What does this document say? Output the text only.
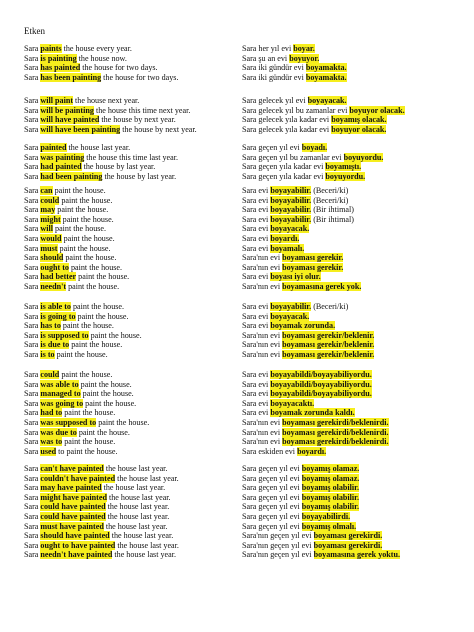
Etken
Sara paints the house every year.	Sara her yıl evi boyar.
Sara is painting the house now.	Sara şu an evi boyuyor.
Sara has painted the house for two days.	Sara iki gündür evi boyamakta.
Sara has been painting the house for two days.	Sara iki gündür evi boyamakta.
Sara will paint the house next year.	Sara gelecek yıl evi boyayacak.
Sara will be painting the house this time next year.	Sara gelecek yıl bu zamanlar evi boyuyor olacak.
Sara will have painted the house by next year.	Sara gelecek yıla kadar evi boyamış olacak.
Sara will have been painting the house by next year.	Sara gelecek yıla kadar evi boyuyor olacak.
Sara painted the house last year.	Sara geçen yıl evi boyadı.
Sara was painting the house this time last year.	Sara geçen yıl bu zamanlar evi boyuyordu.
Sara had painted the house by last year.	Sara geçen yıla kadar evi boyamıştı.
Sara had been painting the house by last year.	Sara geçen yıla kadar evi boyuyordu.
Sara can paint the house.	Sara evi boyayabilir. (Beceri/ki)
Sara could paint the house.	Sara evi boyayabilir. (Beceri/ki)
Sara may paint the house.	Sara evi boyayabilir. (Bir ihtimal)
Sara might paint the house.	Sara evi boyayabilir. (Bir ihtimal)
Sara will paint the house.	Sara evi boyayacak.
Sara would paint the house.	Sara evi boyardı.
Sara must paint the house.	Sara evi boyamalı.
Sara should paint the house.	Sara'nın evi boyaması gerekir.
Sara ought to paint the house.	Sara'nın evi boyaması gerekir.
Sara had better paint the house.	Sara evi boyası iyi olur.
Sara needn't paint the house.	Sara'nın evi boyamasına gerek yok.
Sara is able to paint the house.	Sara evi boyayabilir. (Beceri/ki)
Sara is going to paint the house.	Sara evi boyayacak.
Sara has to paint the house.	Sara evi boyamak zorunda.
Sara is supposed to paint the house.	Sara'nın evi boyaması gerekir/beklenir.
Sara is due to paint the house.	Sara'nın evi boyaması gerekir/beklenir.
Sara is to paint the house.	Sara'nın evi boyaması gerekir/beklenir.
Sara could paint the house.	Sara evi boyayabildi/boyayabiliyordu.
Sara was able to paint the house.	Sara evi boyayabildi/boyayabiliyordu.
Sara managed to paint the house.	Sara evi boyayabildi/boyayabiliyordu.
Sara was going to paint the house.	Sara evi boyayacaktı.
Sara had to paint the house.	Sara evi boyamak zorunda kaldı.
Sara was supposed to paint the house.	Sara'nın evi boyaması gerekirdi/beklenirdi.
Sara was due to paint the house.	Sara'nın evi boyaması gerekirdi/beklenirdi.
Sara was to paint the house.	Sara'nın evi boyaması gerekirdi/beklenirdi.
Sara used to paint the house.	Sara eskiden evi boyardı.
Sara can't have painted the house last year.	Sara geçen yıl evi boyamış olamaz.
Sara couldn't have painted the house last year.	Sara geçen yıl evi boyamış olamaz.
Sara may have painted the house last year.	Sara geçen yıl evi boyamış olabilir.
Sara might have painted the house last year.	Sara geçen yıl evi boyamış olabilir.
Sara could have painted the house last year.	Sara geçen yıl evi boyamış olabilir.
Sara could have painted the house last year.	Sara geçen yıl evi boyayabilirdi.
Sara must have painted the house last year.	Sara geçen yıl evi boyamış olmalı.
Sara should have painted the house last year.	Sara'nın geçen yıl evi boyaması gerekirdi.
Sara ought to have painted the house last year.	Sara'nın geçen yıl evi boyaması gerekirdi.
Sara needn't have painted the house last year.	Sara'nın geçen yıl evi boyamasına gerek yoktu.
